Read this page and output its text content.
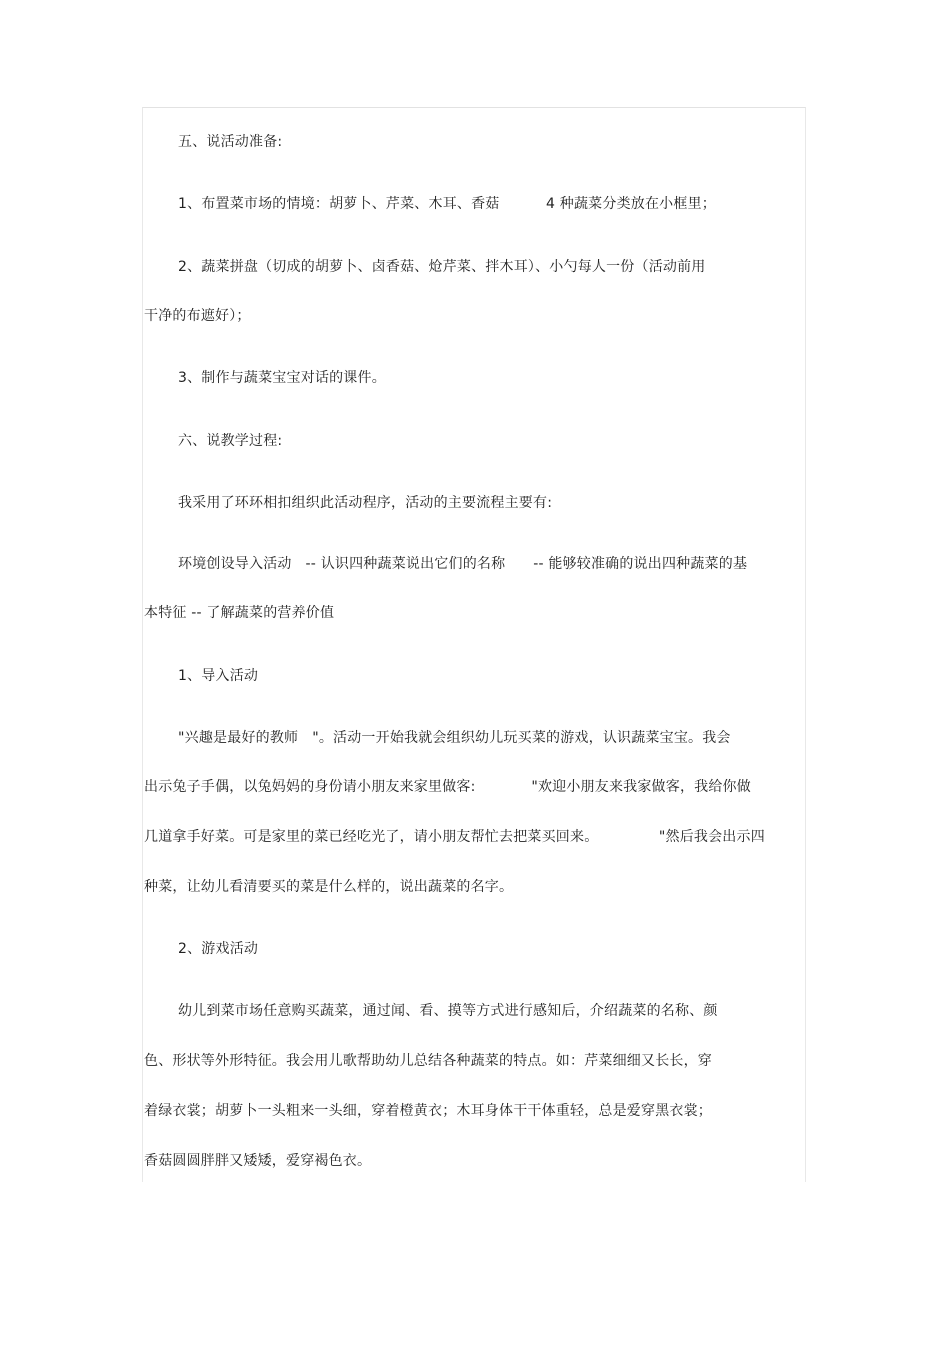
五、说活动准备:
1、布置菜市场的情境：胡萝卜、芹菜、木耳、香菇          4 种蔬菜分类放在小框里；
2、蔬菜拼盘（切成的胡萝卜、卤香菇、炝芹菜、拌木耳）、小勺每人一份（活动前用
干净的布遮好）；
3、制作与蔬菜宝宝对话的课件。
六、说教学过程:
我采用了环环相扣组织此活动程序，活动的主要流程主要有:
环境创设导入活动   -- 认识四种蔬菜说出它们的名称      -- 能够较准确的说出四种蔬菜的基
本特征 -- 了解蔬菜的营养价值
1、导入活动
"兴趣是最好的教师   "。活动一开始我就会组织幼儿玩买菜的游戏，认识蔬菜宝宝。我会
出示兔子手偶，以兔妈妈的身份请小朋友来家里做客:            "欢迎小朋友来我家做客，我给你做
几道拿手好菜。可是家里的菜已经吃光了，请小朋友帮忙去把菜买回来。             "然后我会出示四
种菜，让幼儿看清要买的菜是什么样的，说出蔬菜的名字。
2、游戏活动
幼儿到菜市场任意购买蔬菜，通过闻、看、摸等方式进行感知后，介绍蔬菜的名称、颜
色、形状等外形特征。我会用儿歌帮助幼儿总结各种蔬菜的特点。如：芹菜细细又长长，穿
着绿衣裳；胡萝卜一头粗来一头细，穿着橙黄衣；木耳身体干干体重轻，总是爱穿黑衣裳；
香菇圆圆胖胖又矮矮，爱穿褐色衣。
